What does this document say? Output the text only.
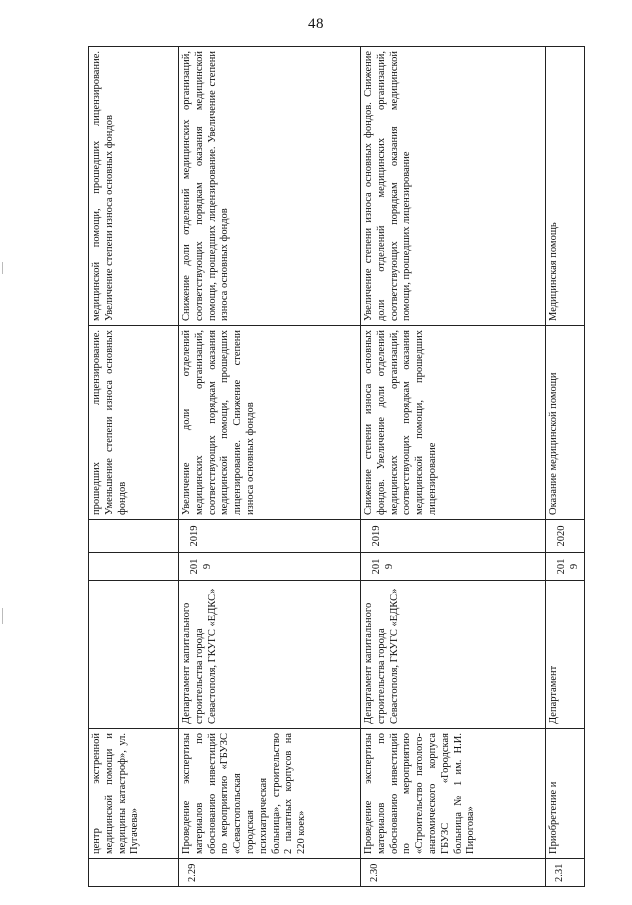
48
	центр экстренной медицинской помощи и медицины катастроф», ул. Пугачева»				прошедших лицензирование. Уменьшение степени износа основных фондов	медицинской помощи, прошедших лицензирование. Увеличение степени износа основных фондов
2.29	Проведение экспертизы материалов по обоснованию инвестиций по мероприятию «ГБУЗС «Севастопольская городская психиатрическая больница», строительство 2 палатных корпусов на 220 коек»	Департамент капитального строительства города Севастополя, ГКУГС «ЕДКС»	2019	2019	Увеличение доли отделений медицинских организаций, соответствующих порядкам оказания медицинской помощи, прошедших лицензирование. Снижение степени износа основных фондов	Снижение доли отделений медицинских организаций, соответствующих порядкам оказания медицинской помощи, прошедших лицензирование. Увеличение степени износа основных фондов
2.30	Проведение экспертизы материалов по обоснованию инвестиций по мероприятию «Строительство патолого-анатомического корпуса ГБУЗС «Городская больница № 1 им. Н.И. Пирогова»	Департамент капитального строительства города Севастополя, ГКУГС «ЕДКС»	2019	2019	Снижение степени износа основных фондов. Увеличение доли отделений медицинских организаций, соответствующих порядкам оказания медицинской помощи, прошедших лицензирование	Увеличение степени износа основных фондов. Снижение доли отделений медицинских организаций, соответствующих порядкам оказания медицинской помощи, прошедших лицензирование
2.31	Приобретение и	Департамент	2019	2020	Оказание медицинской помощи	Медицинская помощь
